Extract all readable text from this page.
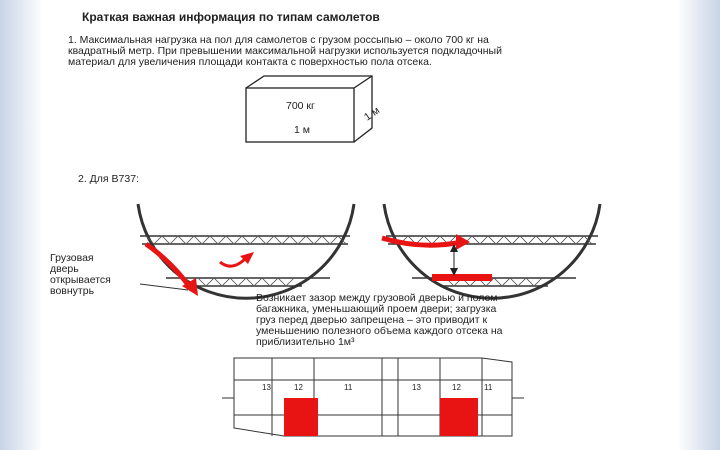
Краткая важная информация по типам самолетов
1. Максимальная нагрузка на пол для самолетов с грузом россыпью – около 700 кг на
квадратный метр. При превышении максимальной нагрузки используется подкладочный
материал для увеличения площади контакта с поверхностью пола отсека.
700 кг
1 м
1 м
2. Для B737:
Грузовая
дверь
открывается
вовнутрь
Возникает зазор между грузовой дверью и полом
багажника, уменьшающий проем двери; загрузка
груз перед дверью запрещена – это приводит к
уменьшению полезного объема каждого отсека на
приблизительно 1м³
13	12	11	13	12	11
